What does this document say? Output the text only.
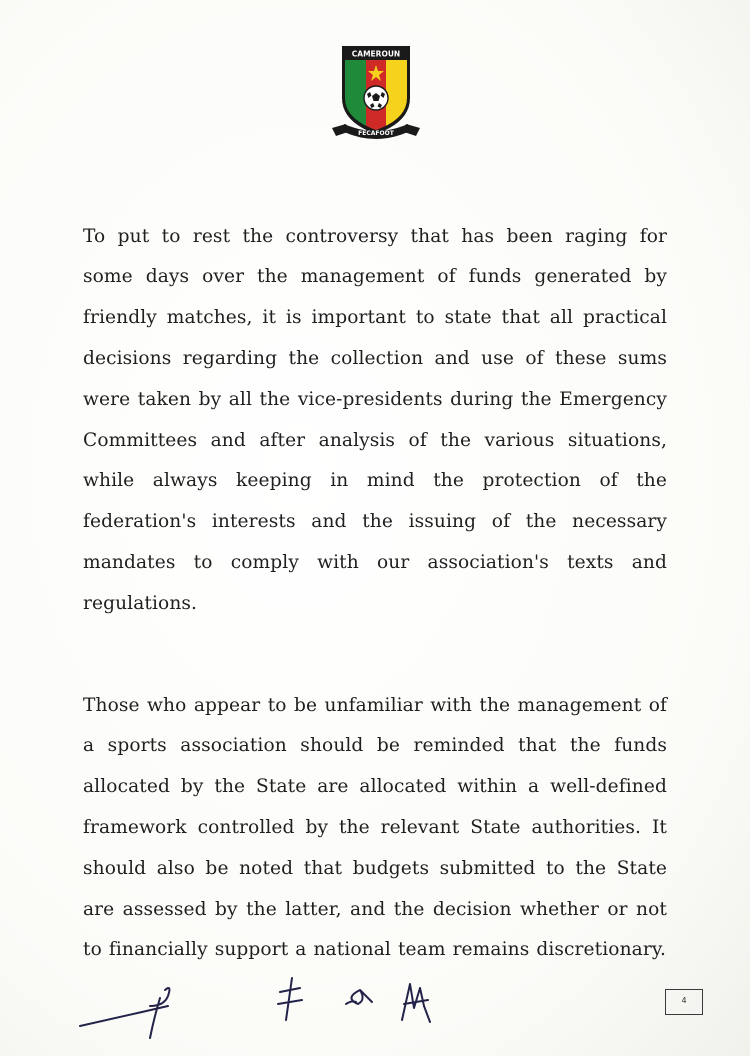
CAMEROUN
FECAFOOT

To put to rest the controversy that has been raging for some days over the management of funds generated by friendly matches, it is important to state that all practical decisions regarding the collection and use of these sums were taken by all the vice-presidents during the Emergency Committees and after analysis of the various situations, while always keeping in mind the protection of the federation's interests and the issuing of the necessary mandates to comply with our association's texts and regulations.

Those who appear to be unfamiliar with the management of a sports association should be reminded that the funds allocated by the State are allocated within a well-defined framework controlled by the relevant State authorities. It should also be noted that budgets submitted to the State are assessed by the latter, and the decision whether or not to financially support a national team remains discretionary.

4
